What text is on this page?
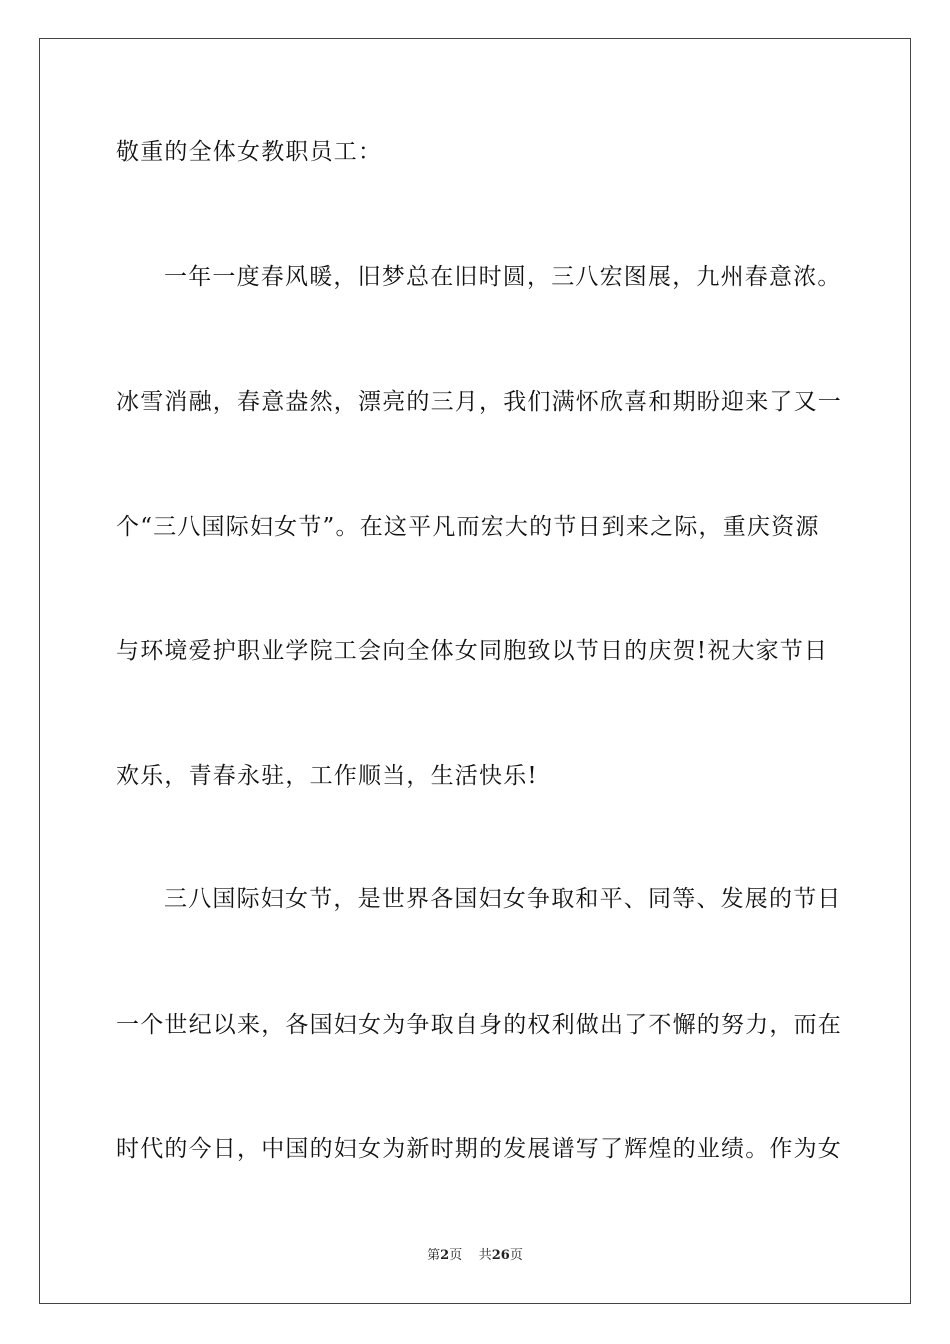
敬重的全体女教职员工：
一年一度春风暖，旧梦总在旧时圆，三八宏图展，九州春意浓。
冰雪消融，春意盎然，漂亮的三月，我们满怀欣喜和期盼迎来了又一
个“三八国际妇女节”。在这平凡而宏大的节日到来之际，重庆资源
与环境爱护职业学院工会向全体女同胞致以节日的庆贺!祝大家节日
欢乐，青春永驻，工作顺当，生活快乐!
三八国际妇女节，是世界各国妇女争取和平、同等、发展的节日
一个世纪以来，各国妇女为争取自身的权利做出了不懈的努力，而在
时代的今日，中国的妇女为新时期的发展谱写了辉煌的业绩。作为女
第2页 共26页
